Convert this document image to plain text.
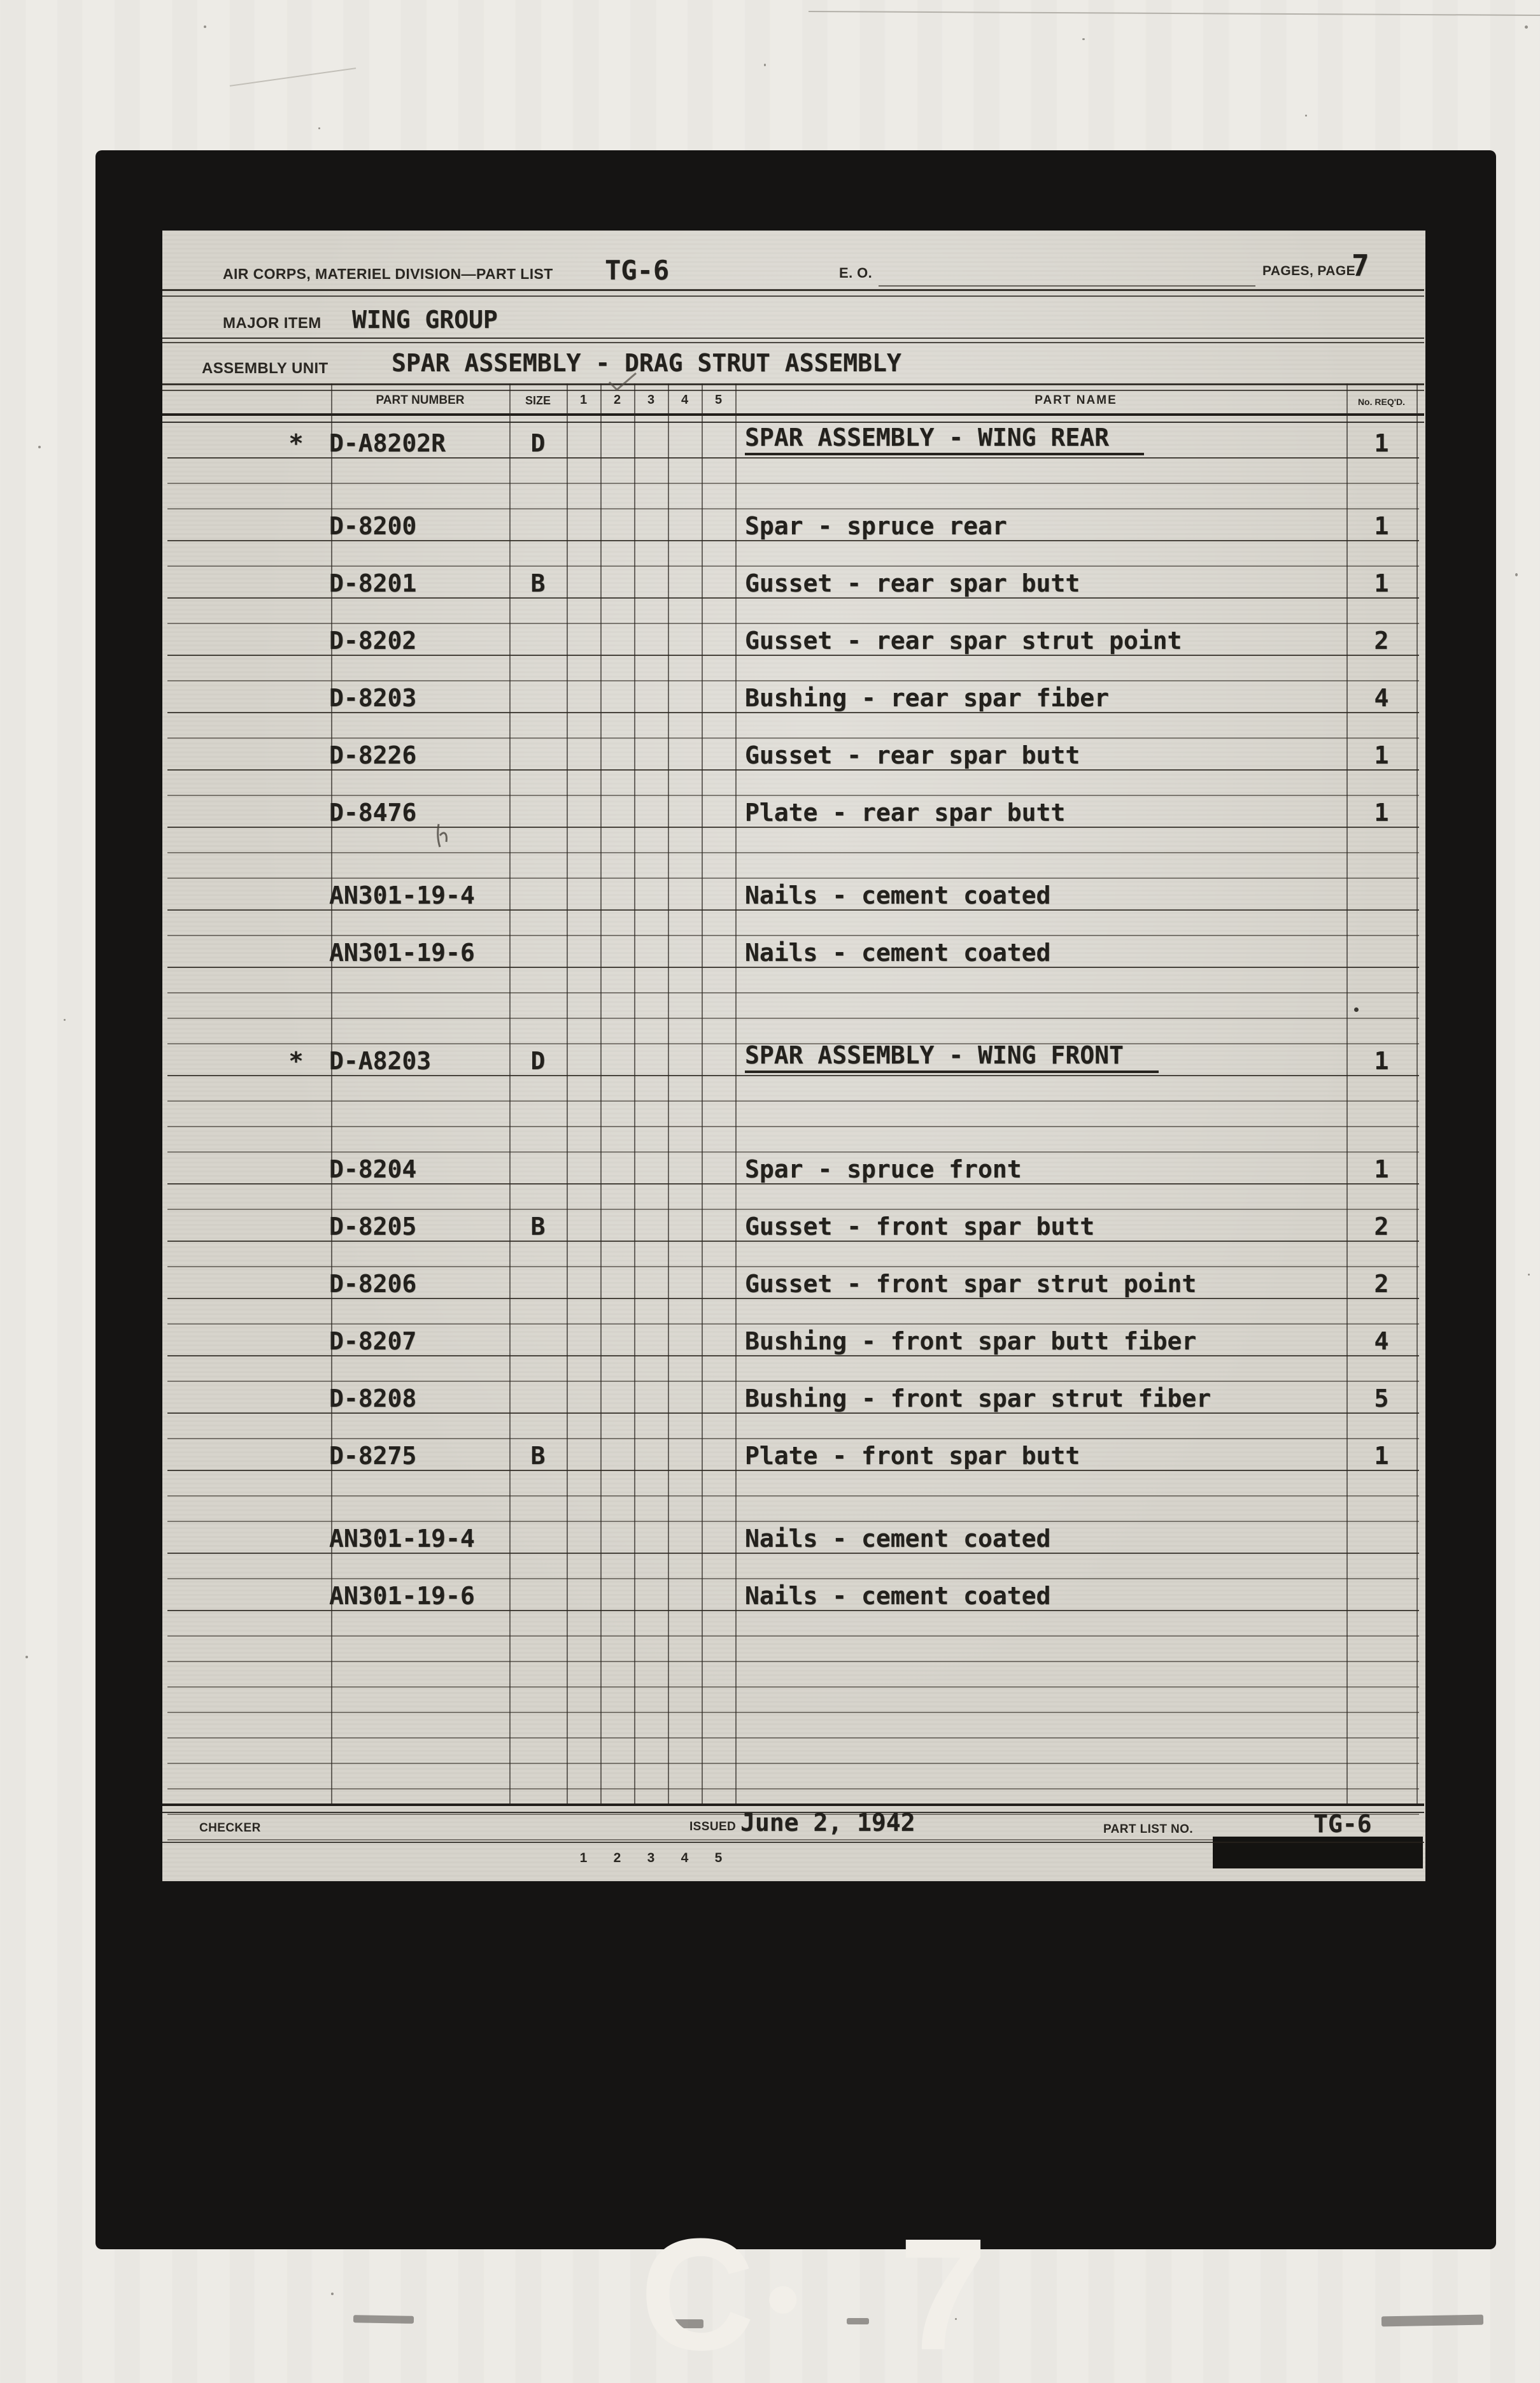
AIR CORPS, MATERIEL DIVISION—PART LIST TG-6	E. O.	PAGES, PAGE
7
MAJOR ITEM WING GROUP
ASSEMBLY UNIT	SPAR ASSEMBLY - DRAG STRUT ASSEMBLY
PART NUMBER	SIZE	1	2	3	4	5	PART NAME	No. REQ'D.
*	D-A8202R	D	SPAR ASSEMBLY - WING REAR	1
D-8200	Spar - spruce rear	1
D-8201	B	Gusset - rear spar butt	1
D-8202	Gusset - rear spar strut point	2
D-8203	Bushing - rear spar fiber	4
D-8226	Gusset - rear spar butt	1
D-8476	Plate - rear spar butt	1
AN301-19-4	Nails - cement coated
AN301-19-6	Nails - cement coated
*	D-A8203	D	SPAR ASSEMBLY - WING FRONT	1
D-8204	Spar - spruce front	1
D-8205	B	Gusset - front spar butt	2
D-8206	Gusset - front spar strut point	2
D-8207	Bushing - front spar butt fiber	4
D-8208	Bushing - front spar strut fiber	5
D-8275	B	Plate - front spar butt	1
AN301-19-4	Nails - cement coated
AN301-19-6	Nails - cement coated
1	2	3	4	5
CHECKER	ISSUED June 2, 1942	PART LIST NO.	TG-6
C • 7
